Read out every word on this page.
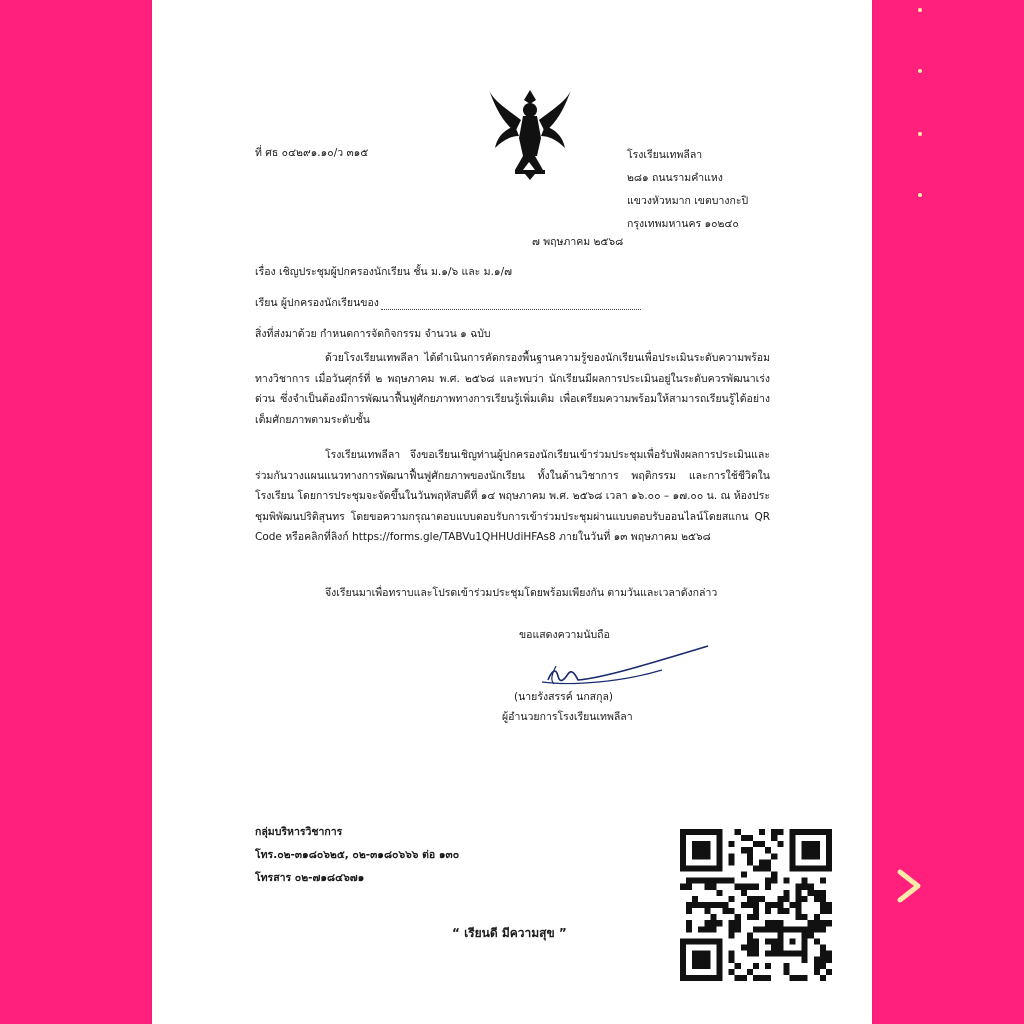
ที่ ศธ ๐๔๒๙๑.๑๐/ว ๓๑๕	โรงเรียนเทพลีลา
๒๘๑ ถนนรามคำแหง
แขวงหัวหมาก เขตบางกะปิ
กรุงเทพมหานคร ๑๐๒๔๐
๗ พฤษภาคม ๒๕๖๘
เรื่อง เชิญประชุมผู้ปกครองนักเรียน ชั้น ม.๑/๖ และ ม.๑/๗
เรียน ผู้ปกครองนักเรียนของ
สิ่งที่ส่งมาด้วย กำหนดการจัดกิจกรรม จำนวน ๑ ฉบับ

ด้วยโรงเรียนเทพลีลา ได้ดำเนินการคัดกรองพื้นฐานความรู้ของนักเรียนเพื่อประเมินระดับความพร้อมทางวิชาการ เมื่อวันศุกร์ที่ ๒ พฤษภาคม พ.ศ. ๒๕๖๘ และพบว่า นักเรียนมีผลการประเมินอยู่ในระดับควรพัฒนาเร่งด่วน ซึ่งจำเป็นต้องมีการพัฒนาฟื้นฟูศักยภาพทางการเรียนรู้เพิ่มเติม เพื่อเตรียมความพร้อมให้สามารถเรียนรู้ได้อย่างเต็มศักยภาพตามระดับชั้น

โรงเรียนเทพลีลา จึงขอเรียนเชิญท่านผู้ปกครองนักเรียนเข้าร่วมประชุมเพื่อรับฟังผลการประเมินและร่วมกันวางแผนแนวทางการพัฒนาฟื้นฟูศักยภาพของนักเรียน ทั้งในด้านวิชาการ พฤติกรรม และการใช้ชีวิตในโรงเรียน โดยการประชุมจะจัดขึ้นในวันพฤหัสบดีที่ ๑๔ พฤษภาคม พ.ศ. ๒๕๖๘ เวลา ๑๖.๐๐ – ๑๗.๐๐ น. ณ ห้องประชุมพิพัฒนปริติสุนทร โดยขอความกรุณาตอบแบบตอบรับการเข้าร่วมประชุมผ่านแบบตอบรับออนไลน์โดยสแกน QR Code หรือคลิกที่ลิงก์ https://forms.gle/TABVu1QHHUdiHFAs8 ภายในวันที่ ๑๓ พฤษภาคม ๒๕๖๘

จึงเรียนมาเพื่อทราบและโปรดเข้าร่วมประชุมโดยพร้อมเพียงกัน ตามวันและเวลาดังกล่าว

ขอแสดงความนับถือ
(นายรังสรรค์ นกสกุล)
ผู้อำนวยการโรงเรียนเทพลีลา
กลุ่มบริหารวิชาการ
โทร.๐๒-๓๑๘๐๖๒๕, ๐๒-๓๑๘๐๖๖๖ ต่อ ๑๓๐
โทรสาร ๐๒-๗๑๘๔๖๗๑
“ เรียนดี มีความสุข ”
